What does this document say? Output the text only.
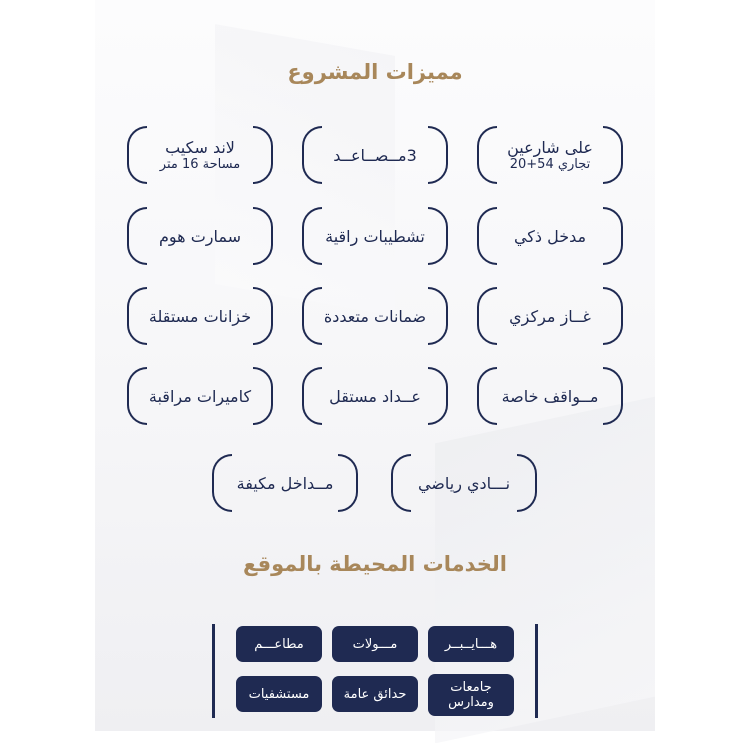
مميزات المشروع
على شارعين
تجاري 54+20
3مــصــاعــد
لاند سكيب
مساحة 16 متر
مدخل ذكي
تشطيبات راقية
سمارت هوم
غــاز مركزي
ضمانات متعددة
خزانات مستقلة
مــواقف خاصة
عــداد مستقل
كاميرات مراقبة
نـــادي رياضي
مــداخل مكيفة
الخدمات المحيطة بالموقع
هـــايــبــر
مـــولات
مطاعـــم
جامعات
ومدارس
حدائق عامة
مستشفيات
